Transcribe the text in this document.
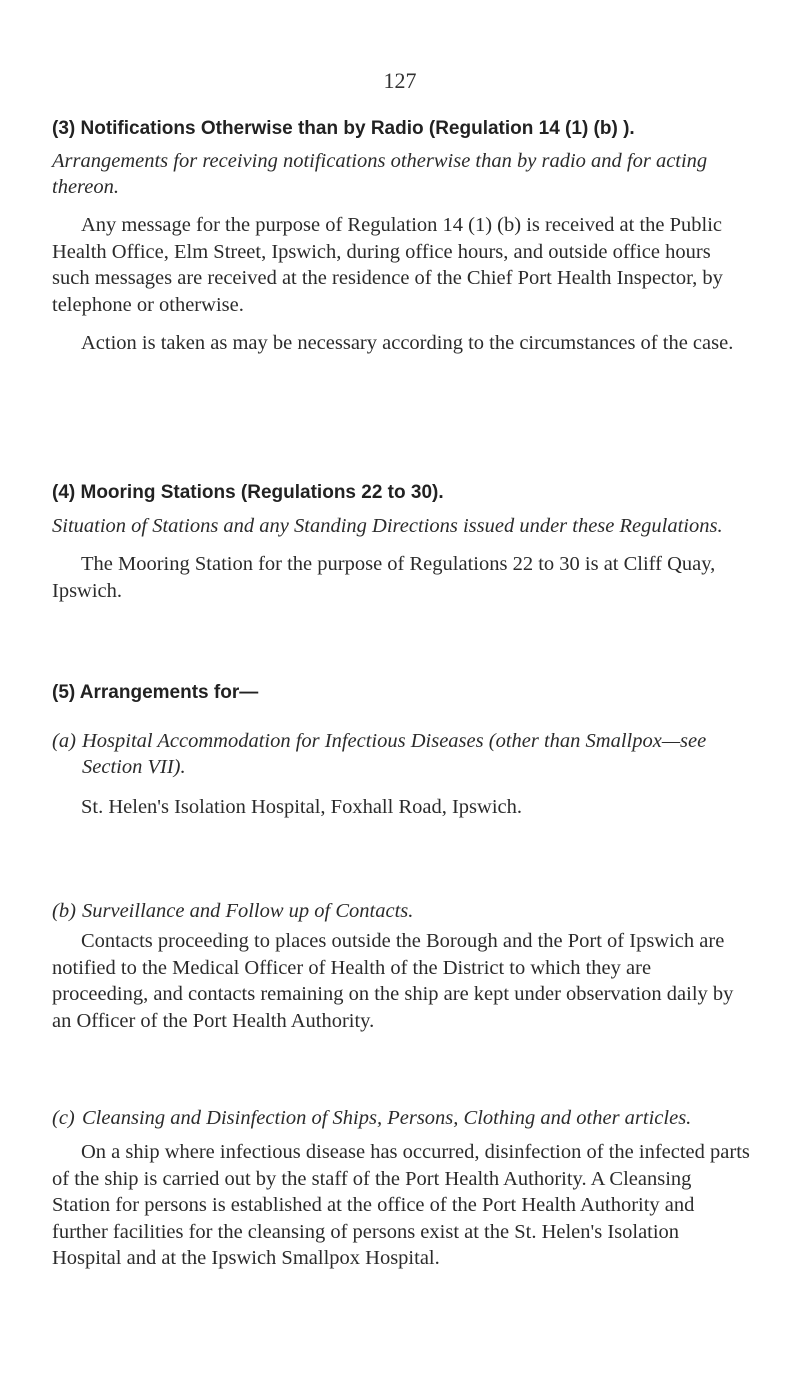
127

(3) Notifications Otherwise than by Radio (Regulation 14 (1) (b) ).

Arrangements for receiving notifications otherwise than by radio and for acting thereon.

Any message for the purpose of Regulation 14 (1) (b) is received at the Public Health Office, Elm Street, Ipswich, during office hours, and outside office hours such messages are received at the residence of the Chief Port Health Inspector, by telephone or otherwise.

Action is taken as may be necessary according to the circumstances of the case.

(4) Mooring Stations (Regulations 22 to 30).

Situation of Stations and any Standing Directions issued under these Regulations.

The Mooring Station for the purpose of Regulations 22 to 30 is at Cliff Quay, Ipswich.

(5) Arrangements for—

(a) Hospital Accommodation for Infectious Diseases (other than Smallpox—see Section VII).

St. Helen's Isolation Hospital, Foxhall Road, Ipswich.

(b) Surveillance and Follow up of Contacts.

Contacts proceeding to places outside the Borough and the Port of Ipswich are notified to the Medical Officer of Health of the District to which they are proceeding, and contacts remaining on the ship are kept under observation daily by an Officer of the Port Health Authority.

(c) Cleansing and Disinfection of Ships, Persons, Clothing and other articles.

On a ship where infectious disease has occurred, disinfection of the infected parts of the ship is carried out by the staff of the Port Health Authority. A Cleansing Station for persons is established at the office of the Port Health Authority and further facilities for the cleansing of persons exist at the St. Helen's Isolation Hospital and at the Ipswich Smallpox Hospital.
